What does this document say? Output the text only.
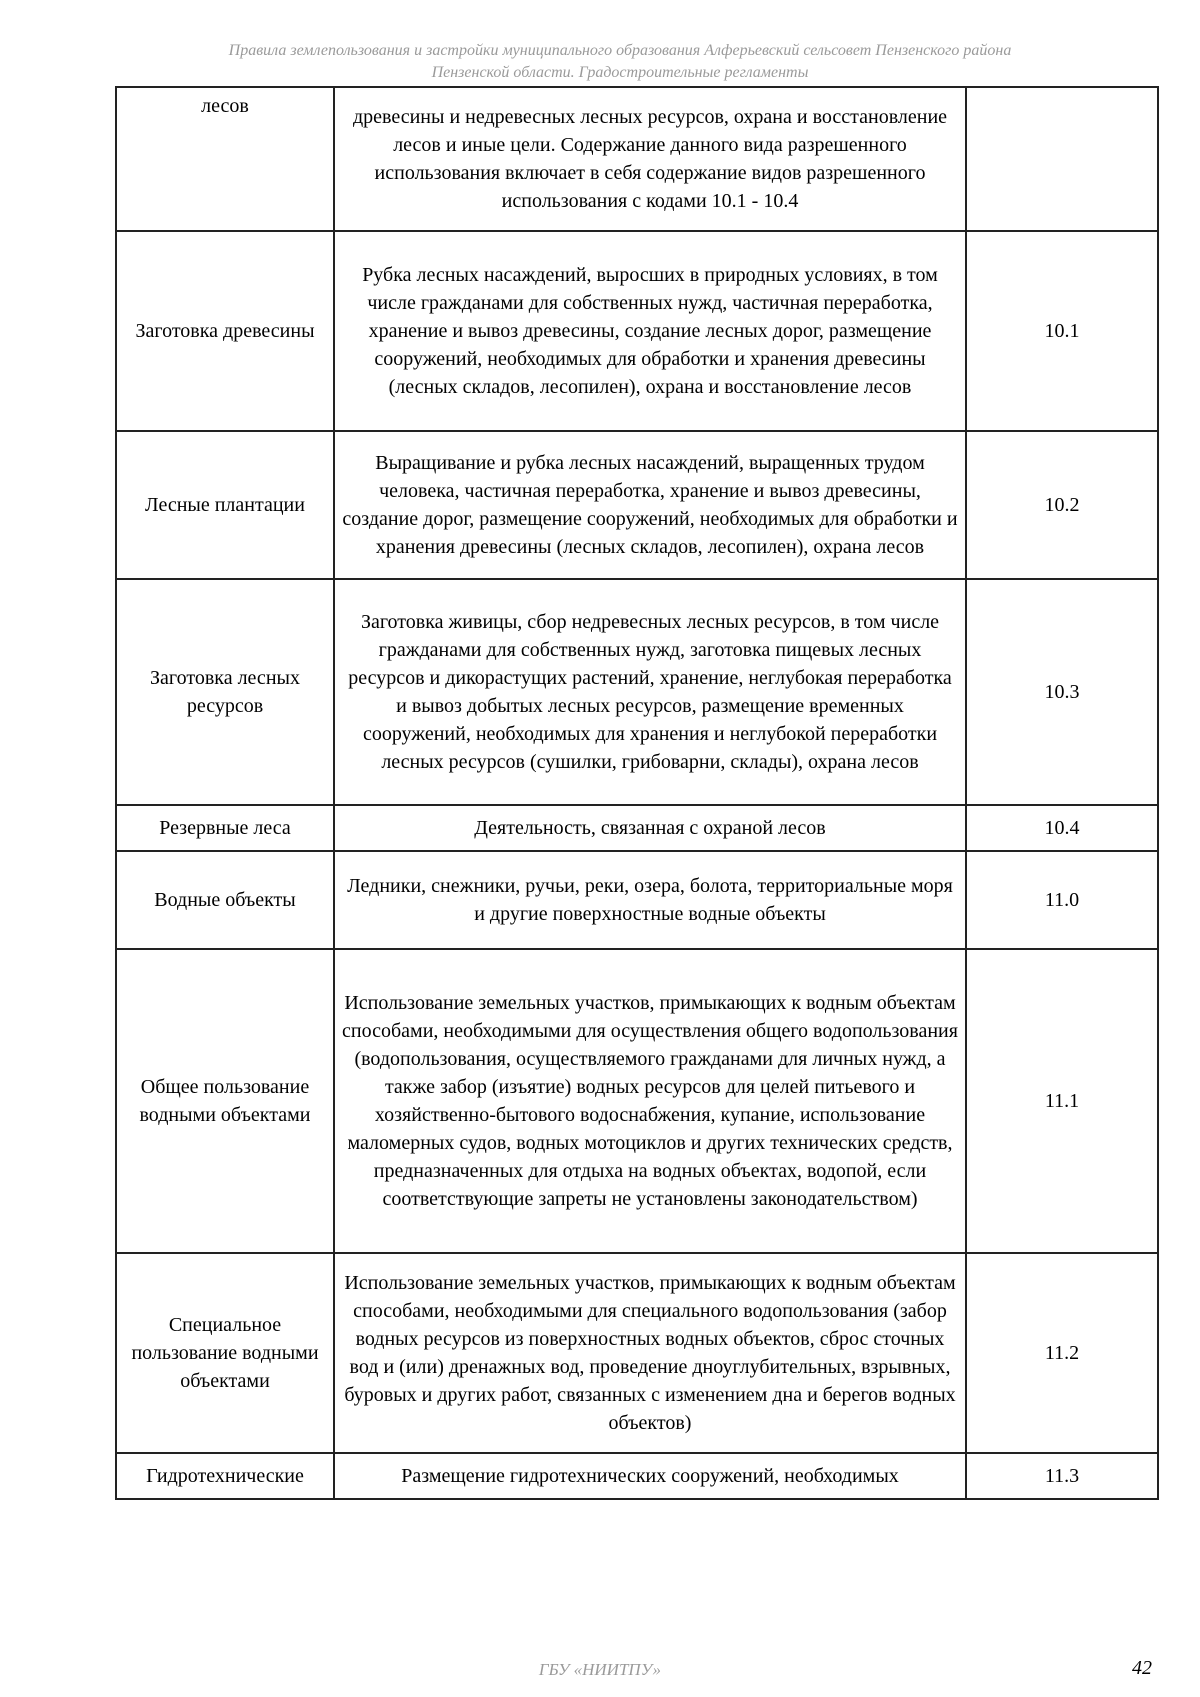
Правила землепользования и застройки муниципального образования Алферьевский сельсовет Пензенского района
Пензенской области. Градостроительные регламенты
лесов	древесины и недревесных лесных ресурсов, охрана и восстановление лесов и иные цели. Содержание данного вида разрешенного использования включает в себя содержание видов разрешенного использования с кодами 10.1 - 10.4	
Заготовка древесины	Рубка лесных насаждений, выросших в природных условиях, в том числе гражданами для собственных нужд, частичная переработка, хранение и вывоз древесины, создание лесных дорог, размещение сооружений, необходимых для обработки и хранения древесины (лесных складов, лесопилен), охрана и восстановление лесов	10.1
Лесные плантации	Выращивание и рубка лесных насаждений, выращенных трудом человека, частичная переработка, хранение и вывоз древесины, создание дорог, размещение сооружений, необходимых для обработки и хранения древесины (лесных складов, лесопилен), охрана лесов	10.2
Заготовка лесных ресурсов	Заготовка живицы, сбор недревесных лесных ресурсов, в том числе гражданами для собственных нужд, заготовка пищевых лесных ресурсов и дикорастущих растений, хранение, неглубокая переработка и вывоз добытых лесных ресурсов, размещение временных сооружений, необходимых для хранения и неглубокой переработки лесных ресурсов (сушилки, грибоварни, склады), охрана лесов	10.3
Резервные леса	Деятельность, связанная с охраной лесов	10.4
Водные объекты	Ледники, снежники, ручьи, реки, озера, болота, территориальные моря и другие поверхностные водные объекты	11.0
Общее пользование водными объектами	Использование земельных участков, примыкающих к водным объектам способами, необходимыми для осуществления общего водопользования (водопользования, осуществляемого гражданами для личных нужд, а также забор (изъятие) водных ресурсов для целей питьевого и хозяйственно-бытового водоснабжения, купание, использование маломерных судов, водных мотоциклов и других технических средств, предназначенных для отдыха на водных объектах, водопой, если соответствующие запреты не установлены законодательством)	11.1
Специальное пользование водными объектами	Использование земельных участков, примыкающих к водным объектам способами, необходимыми для специального водопользования (забор водных ресурсов из поверхностных водных объектов, сброс сточных вод и (или) дренажных вод, проведение дноуглубительных, взрывных, буровых и других работ, связанных с изменением дна и берегов водных объектов)	11.2
Гидротехнические	Размещение гидротехнических сооружений, необходимых	11.3
ГБУ «НИИТПУ»	42
